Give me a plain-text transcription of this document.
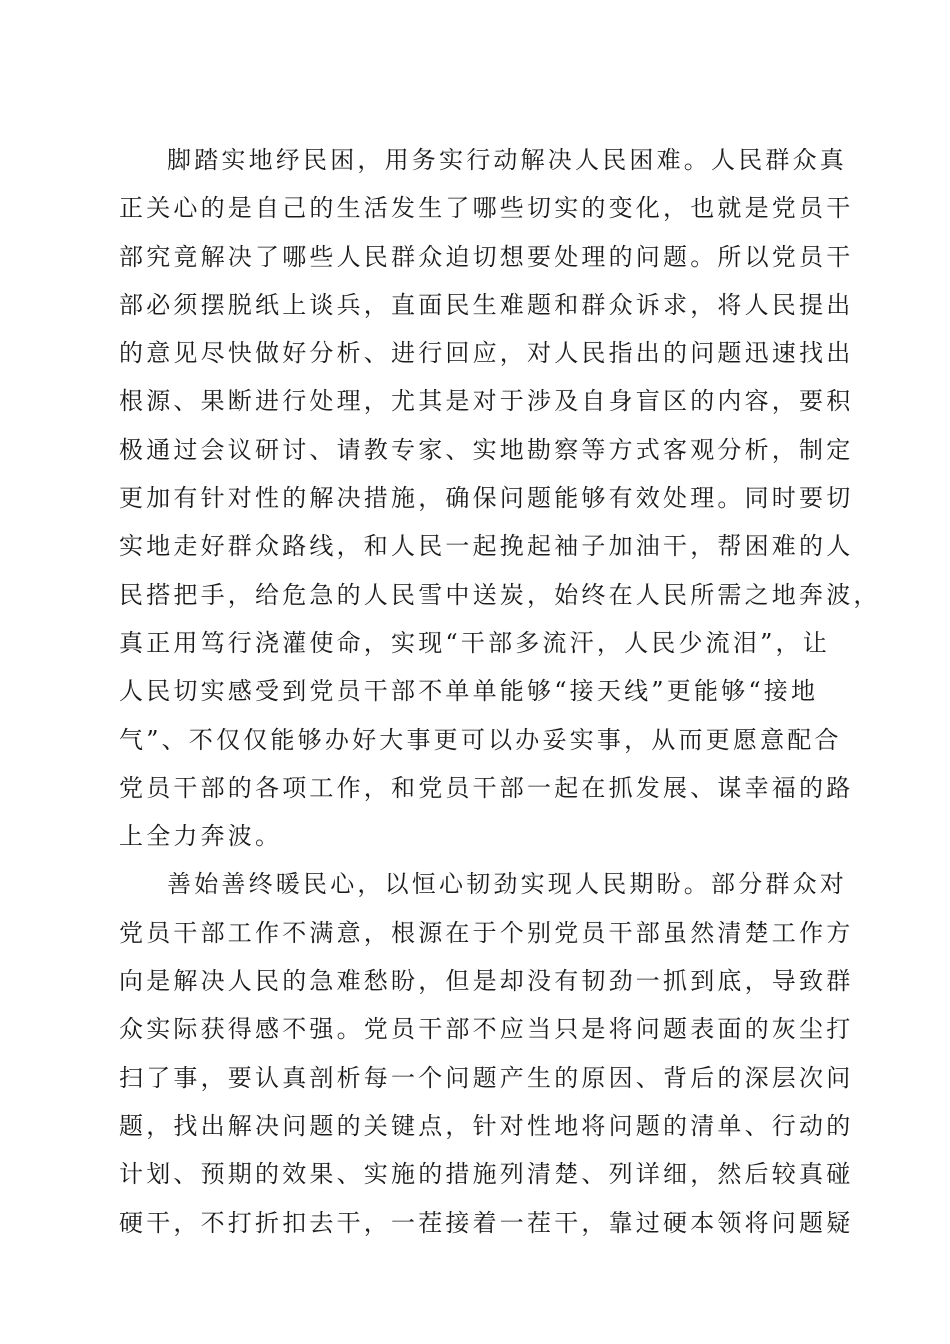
脚踏实地纾民困，用务实行动解决人民困难。人民群众真
正关心的是自己的生活发生了哪些切实的变化，也就是党员干
部究竟解决了哪些人民群众迫切想要处理的问题。所以党员干
部必须摆脱纸上谈兵，直面民生难题和群众诉求，将人民提出
的意见尽快做好分析、进行回应，对人民指出的问题迅速找出
根源、果断进行处理，尤其是对于涉及自身盲区的内容，要积
极通过会议研讨、请教专家、实地勘察等方式客观分析，制定
更加有针对性的解决措施，确保问题能够有效处理。同时要切
实地走好群众路线，和人民一起挽起袖子加油干，帮困难的人
民搭把手，给危急的人民雪中送炭，始终在人民所需之地奔波，
真正用笃行浇灌使命，实现“干部多流汗，人民少流泪”，让
人民切实感受到党员干部不单单能够“接天线”更能够“接地
气”、不仅仅能够办好大事更可以办妥实事，从而更愿意配合
党员干部的各项工作，和党员干部一起在抓发展、谋幸福的路
上全力奔波。
善始善终暖民心，以恒心韧劲实现人民期盼。部分群众对
党员干部工作不满意，根源在于个别党员干部虽然清楚工作方
向是解决人民的急难愁盼，但是却没有韧劲一抓到底，导致群
众实际获得感不强。党员干部不应当只是将问题表面的灰尘打
扫了事，要认真剖析每一个问题产生的原因、背后的深层次问
题，找出解决问题的关键点，针对性地将问题的清单、行动的
计划、预期的效果、实施的措施列清楚、列详细，然后较真碰
硬干，不打折扣去干，一茬接着一茬干，靠过硬本领将问题疑
